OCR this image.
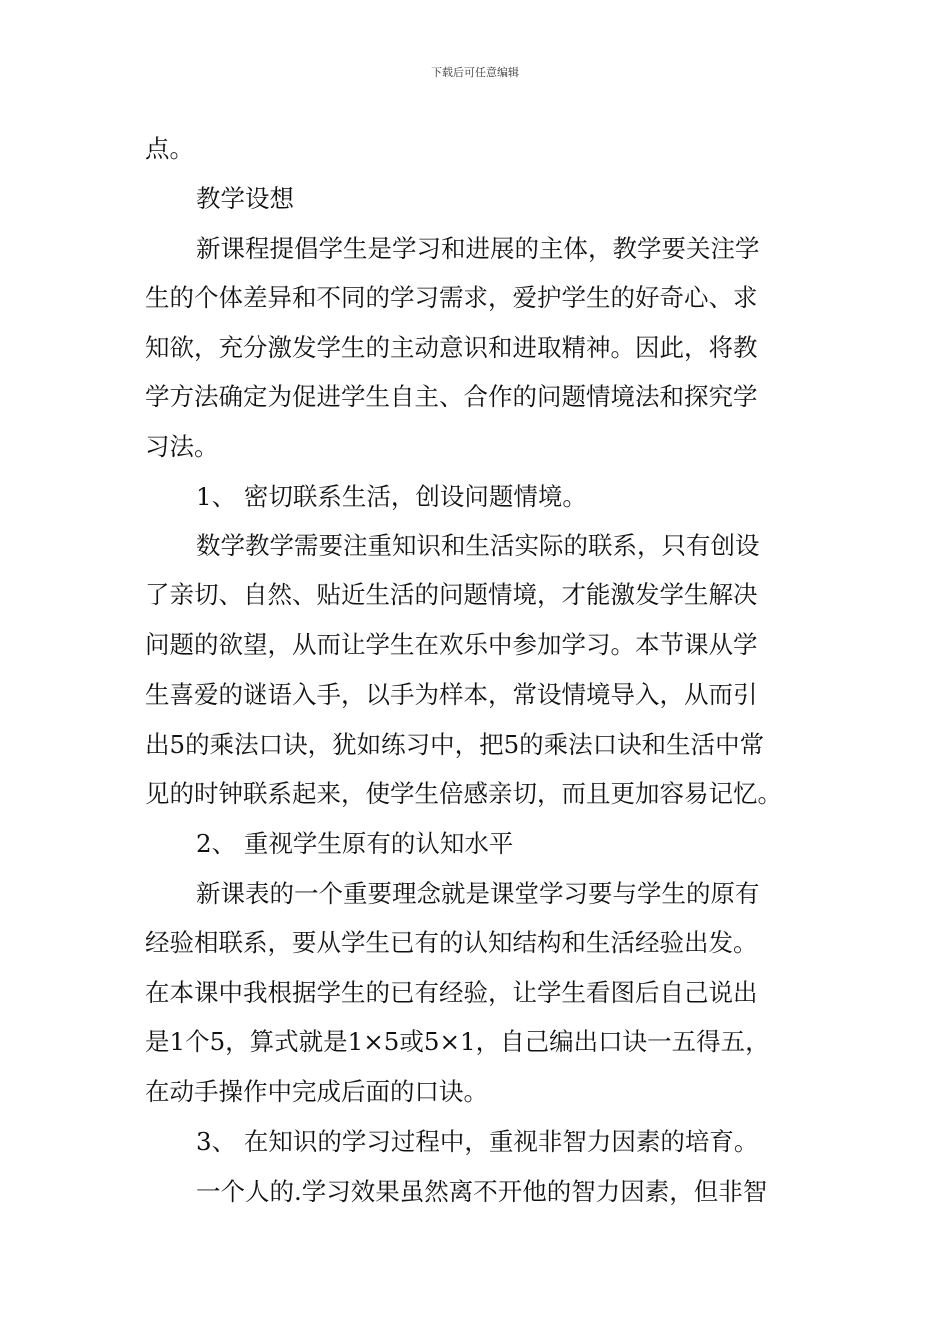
下载后可任意编辑
点。
教学设想
新课程提倡学生是学习和进展的主体，教学要关注学
生的个体差异和不同的学习需求，爱护学生的好奇心、求
知欲，充分激发学生的主动意识和进取精神。因此，将教
学方法确定为促进学生自主、合作的问题情境法和探究学
习法。
1、 密切联系生活，创设问题情境。
数学教学需要注重知识和生活实际的联系，只有创设
了亲切、自然、贴近生活的问题情境，才能激发学生解决
问题的欲望，从而让学生在欢乐中参加学习。本节课从学
生喜爱的谜语入手，以手为样本，常设情境导入，从而引
出5的乘法口诀，犹如练习中，把5的乘法口诀和生活中常
见的时钟联系起来，使学生倍感亲切，而且更加容易记忆。
2、 重视学生原有的认知水平
新课表的一个重要理念就是课堂学习要与学生的原有
经验相联系，要从学生已有的认知结构和生活经验出发。
在本课中我根据学生的已有经验，让学生看图后自己说出
是1个5，算式就是1×5或5×1，自己编出口诀一五得五，
在动手操作中完成后面的口诀。
3、 在知识的学习过程中，重视非智力因素的培育。
一个人的.学习效果虽然离不开他的智力因素，但非智
